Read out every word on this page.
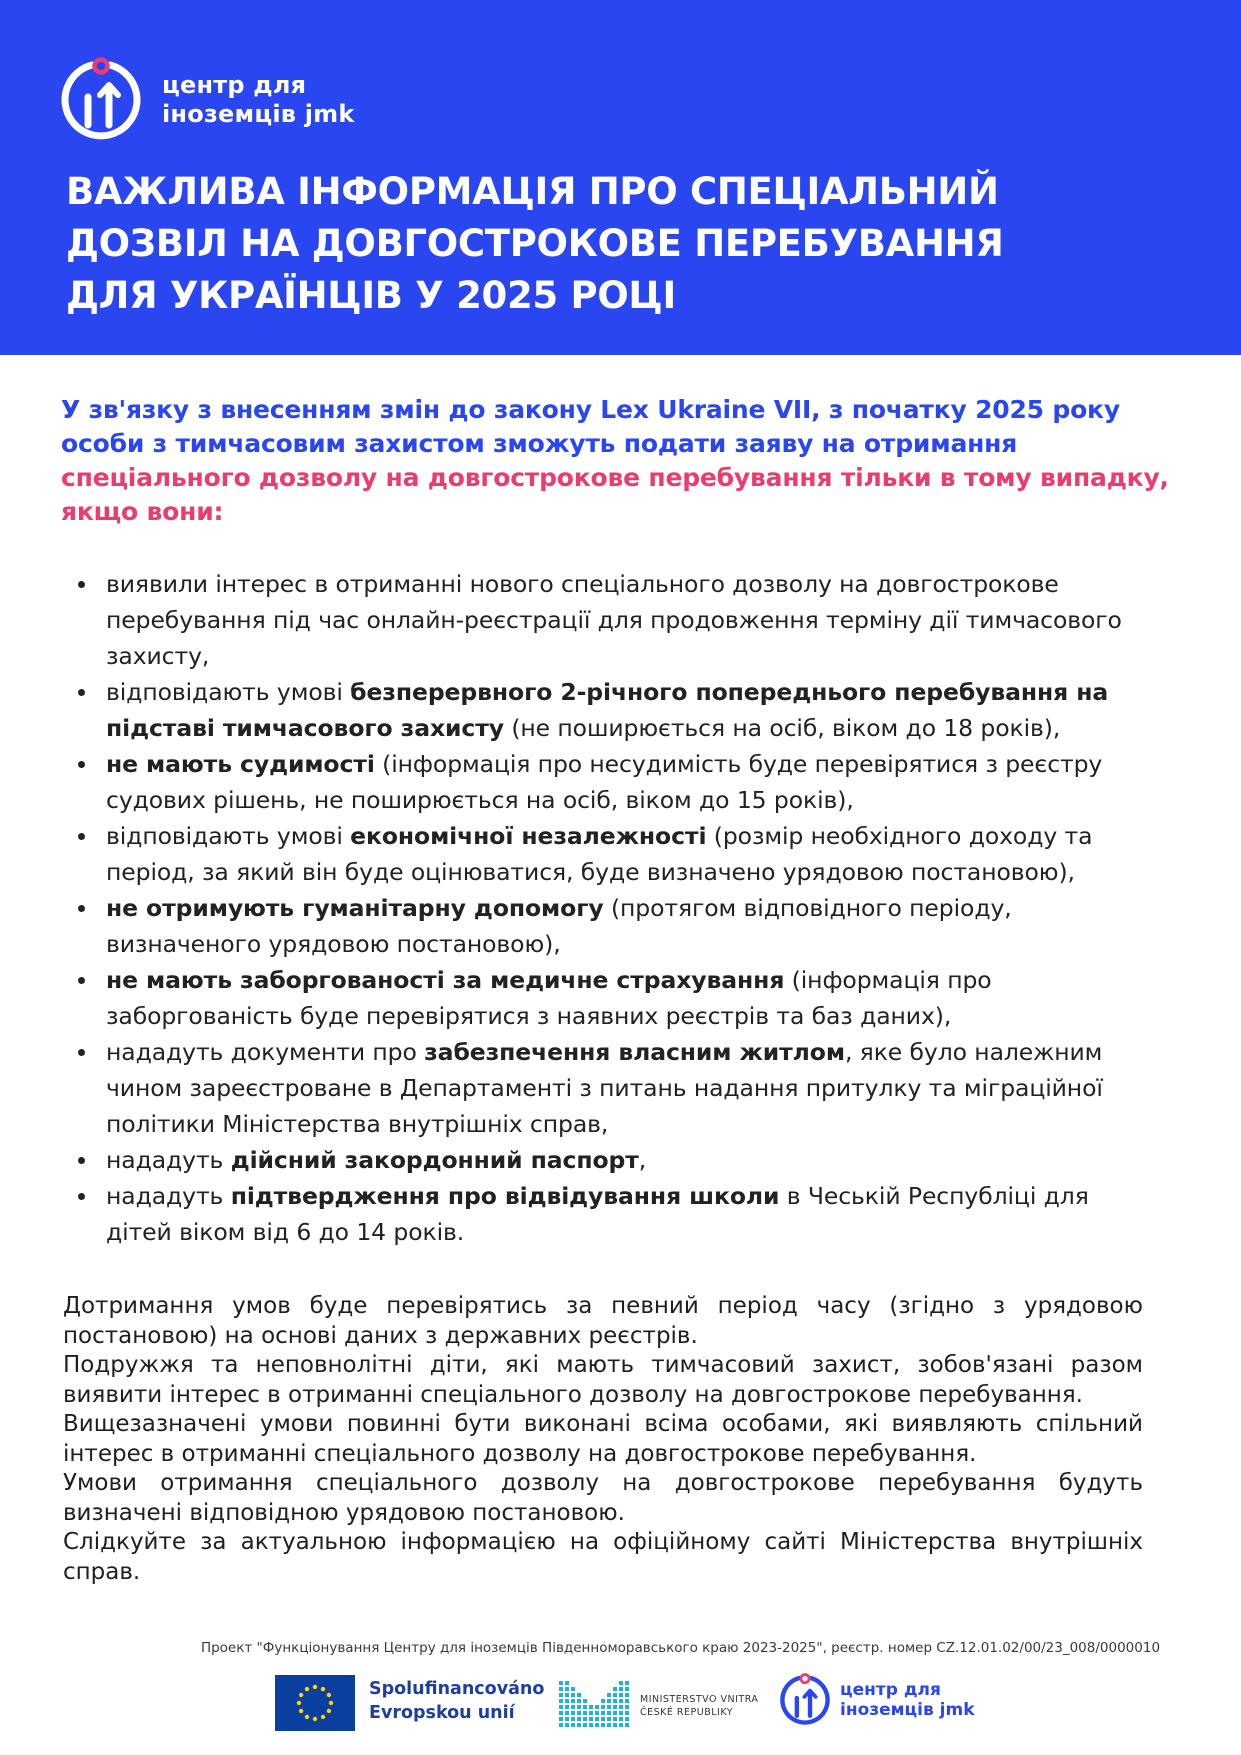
центр для
іноземців jmk
ВАЖЛИВА ІНФОРМАЦІЯ ПРО СПЕЦІАЛЬНИЙ
ДОЗВІЛ НА ДОВГОСТРОКОВЕ ПЕРЕБУВАННЯ
ДЛЯ УКРАЇНЦІВ У 2025 РОЦІ

У зв'язку з внесенням змін до закону Lex Ukraine VII, з початку 2025 року особи з тимчасовим захистом зможуть подати заяву на отримання спеціального дозволу на довгострокове перебування тільки в тому випадку, якщо вони:

виявили інтерес в отриманні нового спеціального дозволу на довгострокове перебування під час онлайн-реєстрації для продовження терміну дії тимчасового захисту,
відповідають умові безперервного 2-річного попереднього перебування на підставі тимчасового захисту (не поширюється на осіб, віком до 18 років),
не мають судимості (інформація про несудимість буде перевірятися з реєстру судових рішень, не поширюється на осіб, віком до 15 років),
відповідають умові економічної незалежності (розмір необхідного доходу та період, за який він буде оцінюватися, буде визначено урядовою постановою),
не отримують гуманітарну допомогу (протягом відповідного періоду, визначеного урядовою постановою),
не мають заборгованості за медичне страхування (інформація про заборгованість буде перевірятися з наявних реєстрів та баз даних),
нададуть документи про забезпечення власним житлом, яке було належним чином зареєстроване в Департаменті з питань надання притулку та міграційної політики Міністерства внутрішніх справ,
нададуть дійсний закордонний паспорт,
нададуть підтвердження про відвідування школи в Чеській Республіці для дітей віком від 6 до 14 років.

Дотримання умов буде перевірятись за певний період часу (згідно з урядовою постановою) на основі даних з державних реєстрів.

Подружжя та неповнолітні діти, які мають тимчасовий захист, зобов'язані разом виявити інтерес в отриманні спеціального дозволу на довгострокове перебування.

Вищезазначені умови повинні бути виконані всіма особами, які виявляють спільний інтерес в отриманні спеціального дозволу на довгострокове перебування.

Умови отримання спеціального дозволу на довгострокове перебування будуть визначені відповідною урядовою постановою.

Слідкуйте за актуальною інформацією на офіційному сайті Міністерства внутрішніх справ.

Проект "Функціонування Центру для іноземців Південноморавського краю 2023-2025", реєстр. номер CZ.12.01.02/00/23_008/0000010
Spolufinancováno
Evropskou unií
MINISTERSTVO VNITRA
ČESKÉ REPUBLIKY
центр для
іноземців jmk
